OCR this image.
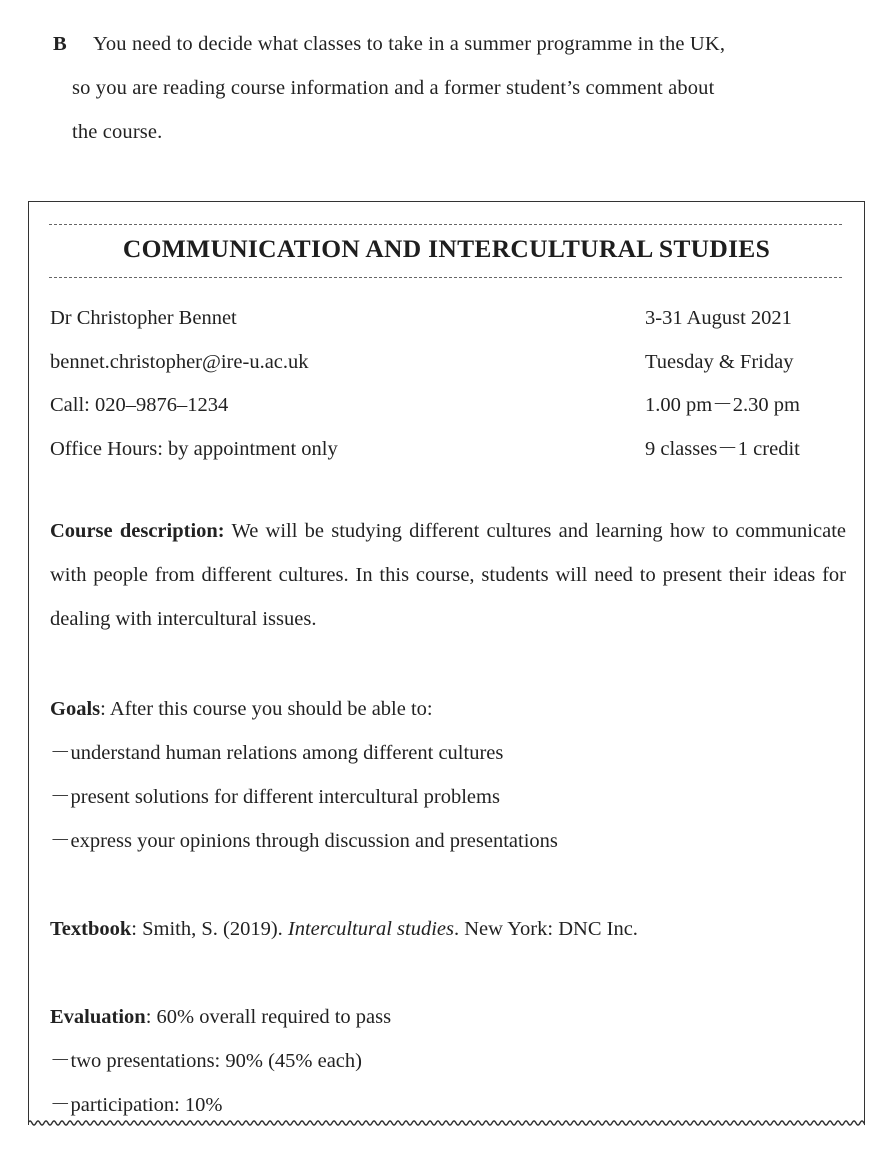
B You need to decide what classes to take in a summer programme in the UK,
so you are reading course information and a former student’s comment about
the course.
COMMUNICATION AND INTERCULTURAL STUDIES
Dr Christopher Bennet
bennet.christopher@ire-u.ac.uk
Call: 020–9876–1234
Office Hours: by appointment only
3-31 August 2021
Tuesday & Friday
1.00 pm－2.30 pm
9 classes－1 credit
Course description: We will be studying different cultures and learning how to communicate with people from different cultures. In this course, students will need to present their ideas for dealing with intercultural issues.
Goals: After this course you should be able to:
－understand human relations among different cultures
－present solutions for different intercultural problems
－express your opinions through discussion and presentations
Textbook: Smith, S. (2019). Intercultural studies. New York: DNC Inc.
Evaluation: 60% overall required to pass
－two presentations: 90% (45% each)
－participation: 10%
